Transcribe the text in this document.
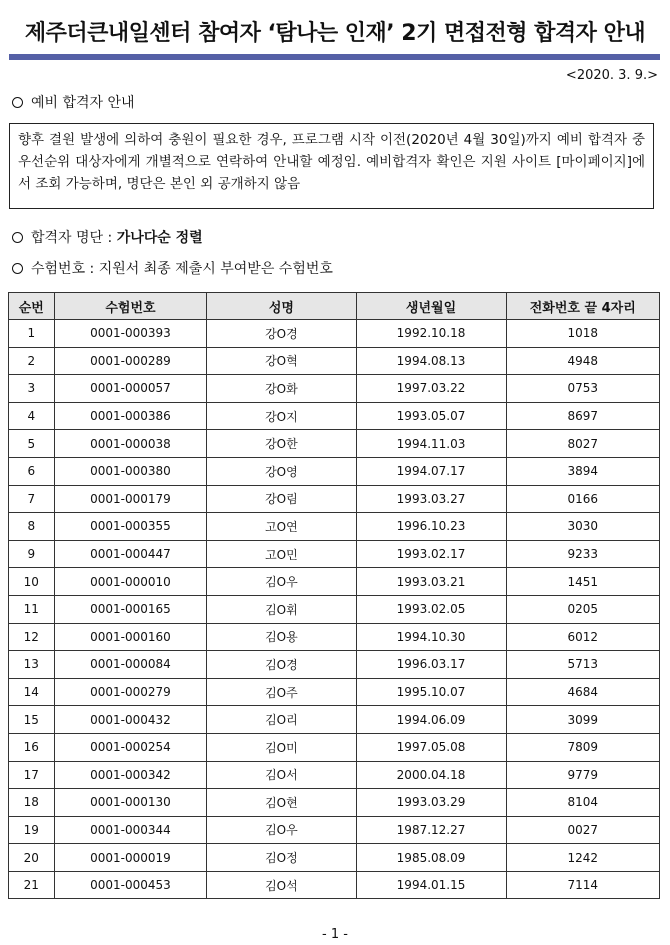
제주더큰내일센터 참여자 ‘탐나는 인재’ 2기 면접전형 합격자 안내
<2020. 3. 9.>
예비 합격자 안내
향후 결원 발생에 의하여 충원이 필요한 경우, 프로그램 시작 이전(2020년 4월 30일)까지 예비 합격자 중 우선순위 대상자에게 개별적으로 연락하여 안내할 예정임. 예비합격자 확인은 지원 사이트 [마이페이지]에서 조회 가능하며, 명단은 본인 외 공개하지 않음
합격자 명단 : 가나다순 정렬
수험번호 : 지원서 최종 제출시 부여받은 수험번호
순번	수험번호	성명	생년월일	전화번호 끝 4자리
1	0001-000393	강O경	1992.10.18	1018
2	0001-000289	강O혁	1994.08.13	4948
3	0001-000057	강O화	1997.03.22	0753
4	0001-000386	강O지	1993.05.07	8697
5	0001-000038	강O한	1994.11.03	8027
6	0001-000380	강O영	1994.07.17	3894
7	0001-000179	강O림	1993.03.27	0166
8	0001-000355	고O연	1996.10.23	3030
9	0001-000447	고O민	1993.02.17	9233
10	0001-000010	김O우	1993.03.21	1451
11	0001-000165	김O휘	1993.02.05	0205
12	0001-000160	김O용	1994.10.30	6012
13	0001-000084	김O경	1996.03.17	5713
14	0001-000279	김O주	1995.10.07	4684
15	0001-000432	김O리	1994.06.09	3099
16	0001-000254	김O미	1997.05.08	7809
17	0001-000342	김O서	2000.04.18	9779
18	0001-000130	김O현	1993.03.29	8104
19	0001-000344	김O우	1987.12.27	0027
20	0001-000019	김O정	1985.08.09	1242
21	0001-000453	김O석	1994.01.15	7114
- 1 -
